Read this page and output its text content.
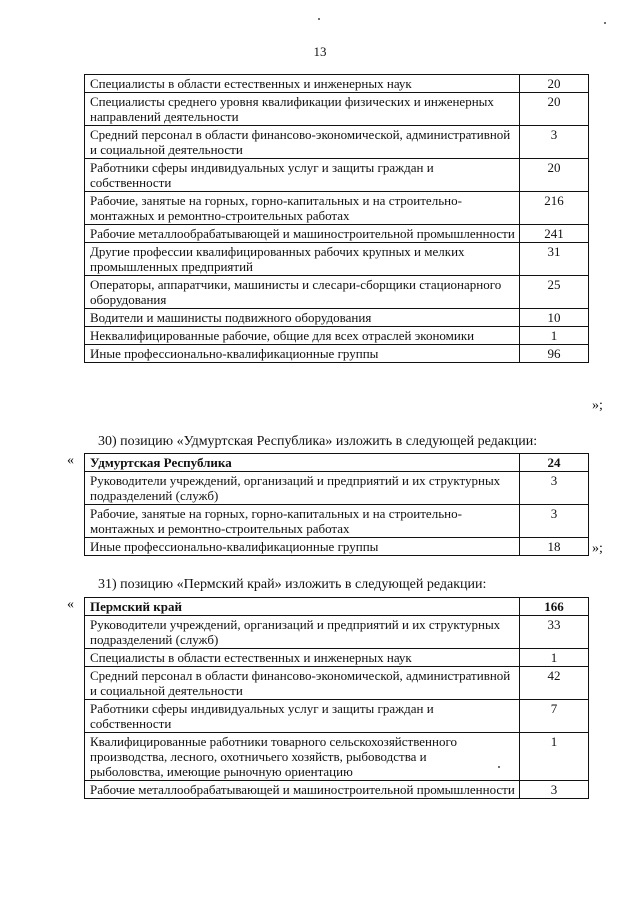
13
Специалисты в области естественных и инженерных наук	20
Специалисты среднего уровня квалификации физических и инженерных направлений деятельности	20
Средний персонал в области финансово-экономической, административной и социальной деятельности	3
Работники сферы индивидуальных услуг и защиты граждан и собственности	20
Рабочие, занятые на горных, горно-капитальных и на строительно-монтажных и ремонтно-строительных работах	216
Рабочие металлообрабатывающей и машиностроительной промышленности	241
Другие профессии квалифицированных рабочих крупных и мелких промышленных предприятий	31
Операторы, аппаратчики, машинисты и слесари-сборщики стационарного оборудования	25
Водители и машинисты подвижного оборудования	10
Неквалифицированные рабочие, общие для всех отраслей экономики	1
Иные профессионально-квалификационные группы	96
»;
30) позицию «Удмуртская Республика» изложить в следующей редакции:
« Удмуртская Республика	24
Руководители учреждений, организаций и предприятий и их структурных подразделений (служб)	3
Рабочие, занятые на горных, горно-капитальных и на строительно-монтажных и ремонтно-строительных работах	3
Иные профессионально-квалификационные группы	18 »;
31) позицию «Пермский край» изложить в следующей редакции:
« Пермский край	166
Руководители учреждений, организаций и предприятий и их структурных подразделений (служб)	33
Специалисты в области естественных и инженерных наук	1
Средний персонал в области финансово-экономической, административной и социальной деятельности	42
Работники сферы индивидуальных услуг и защиты граждан и собственности	7
Квалифицированные работники товарного сельскохозяйственного производства, лесного, охотничьего хозяйств, рыбоводства и рыболовства, имеющие рыночную ориентацию	1
Рабочие металлообрабатывающей и машиностроительной промышленности	3
